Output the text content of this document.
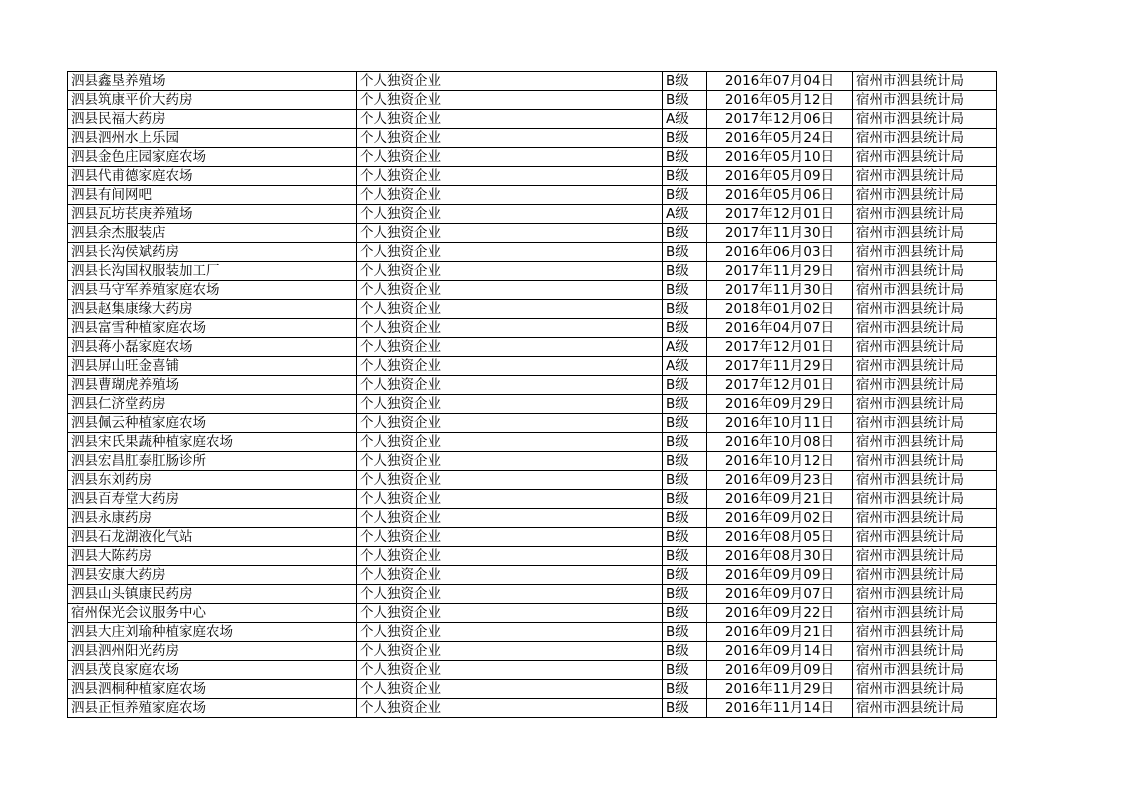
泗县鑫垦养殖场	个人独资企业	B级	2016年07月04日	宿州市泗县统计局
泗县筑康平价大药房	个人独资企业	B级	2016年05月12日	宿州市泗县统计局
泗县民福大药房	个人独资企业	A级	2017年12月06日	宿州市泗县统计局
泗县泗州水上乐园	个人独资企业	B级	2016年05月24日	宿州市泗县统计局
泗县金色庄园家庭农场	个人独资企业	B级	2016年05月10日	宿州市泗县统计局
泗县代甫德家庭农场	个人独资企业	B级	2016年05月09日	宿州市泗县统计局
泗县有间网吧	个人独资企业	B级	2016年05月06日	宿州市泗县统计局
泗县瓦坊苌庚养殖场	个人独资企业	A级	2017年12月01日	宿州市泗县统计局
泗县余杰服装店	个人独资企业	B级	2017年11月30日	宿州市泗县统计局
泗县长沟侯斌药房	个人独资企业	B级	2016年06月03日	宿州市泗县统计局
泗县长沟国权服装加工厂	个人独资企业	B级	2017年11月29日	宿州市泗县统计局
泗县马守军养殖家庭农场	个人独资企业	B级	2017年11月30日	宿州市泗县统计局
泗县赵集康缘大药房	个人独资企业	B级	2018年01月02日	宿州市泗县统计局
泗县富雪种植家庭农场	个人独资企业	B级	2016年04月07日	宿州市泗县统计局
泗县蒋小磊家庭农场	个人独资企业	A级	2017年12月01日	宿州市泗县统计局
泗县屏山旺金喜铺	个人独资企业	A级	2017年11月29日	宿州市泗县统计局
泗县曹瑚虎养殖场	个人独资企业	B级	2017年12月01日	宿州市泗县统计局
泗县仁济堂药房	个人独资企业	B级	2016年09月29日	宿州市泗县统计局
泗县佩云种植家庭农场	个人独资企业	B级	2016年10月11日	宿州市泗县统计局
泗县宋氏果蔬种植家庭农场	个人独资企业	B级	2016年10月08日	宿州市泗县统计局
泗县宏昌肛泰肛肠诊所	个人独资企业	B级	2016年10月12日	宿州市泗县统计局
泗县东刘药房	个人独资企业	B级	2016年09月23日	宿州市泗县统计局
泗县百寿堂大药房	个人独资企业	B级	2016年09月21日	宿州市泗县统计局
泗县永康药房	个人独资企业	B级	2016年09月02日	宿州市泗县统计局
泗县石龙湖液化气站	个人独资企业	B级	2016年08月05日	宿州市泗县统计局
泗县大陈药房	个人独资企业	B级	2016年08月30日	宿州市泗县统计局
泗县安康大药房	个人独资企业	B级	2016年09月09日	宿州市泗县统计局
泗县山头镇康民药房	个人独资企业	B级	2016年09月07日	宿州市泗县统计局
宿州保光会议服务中心	个人独资企业	B级	2016年09月22日	宿州市泗县统计局
泗县大庄刘瑜种植家庭农场	个人独资企业	B级	2016年09月21日	宿州市泗县统计局
泗县泗州阳光药房	个人独资企业	B级	2016年09月14日	宿州市泗县统计局
泗县茂良家庭农场	个人独资企业	B级	2016年09月09日	宿州市泗县统计局
泗县泗桐种植家庭农场	个人独资企业	B级	2016年11月29日	宿州市泗县统计局
泗县正恒养殖家庭农场	个人独资企业	B级	2016年11月14日	宿州市泗县统计局
